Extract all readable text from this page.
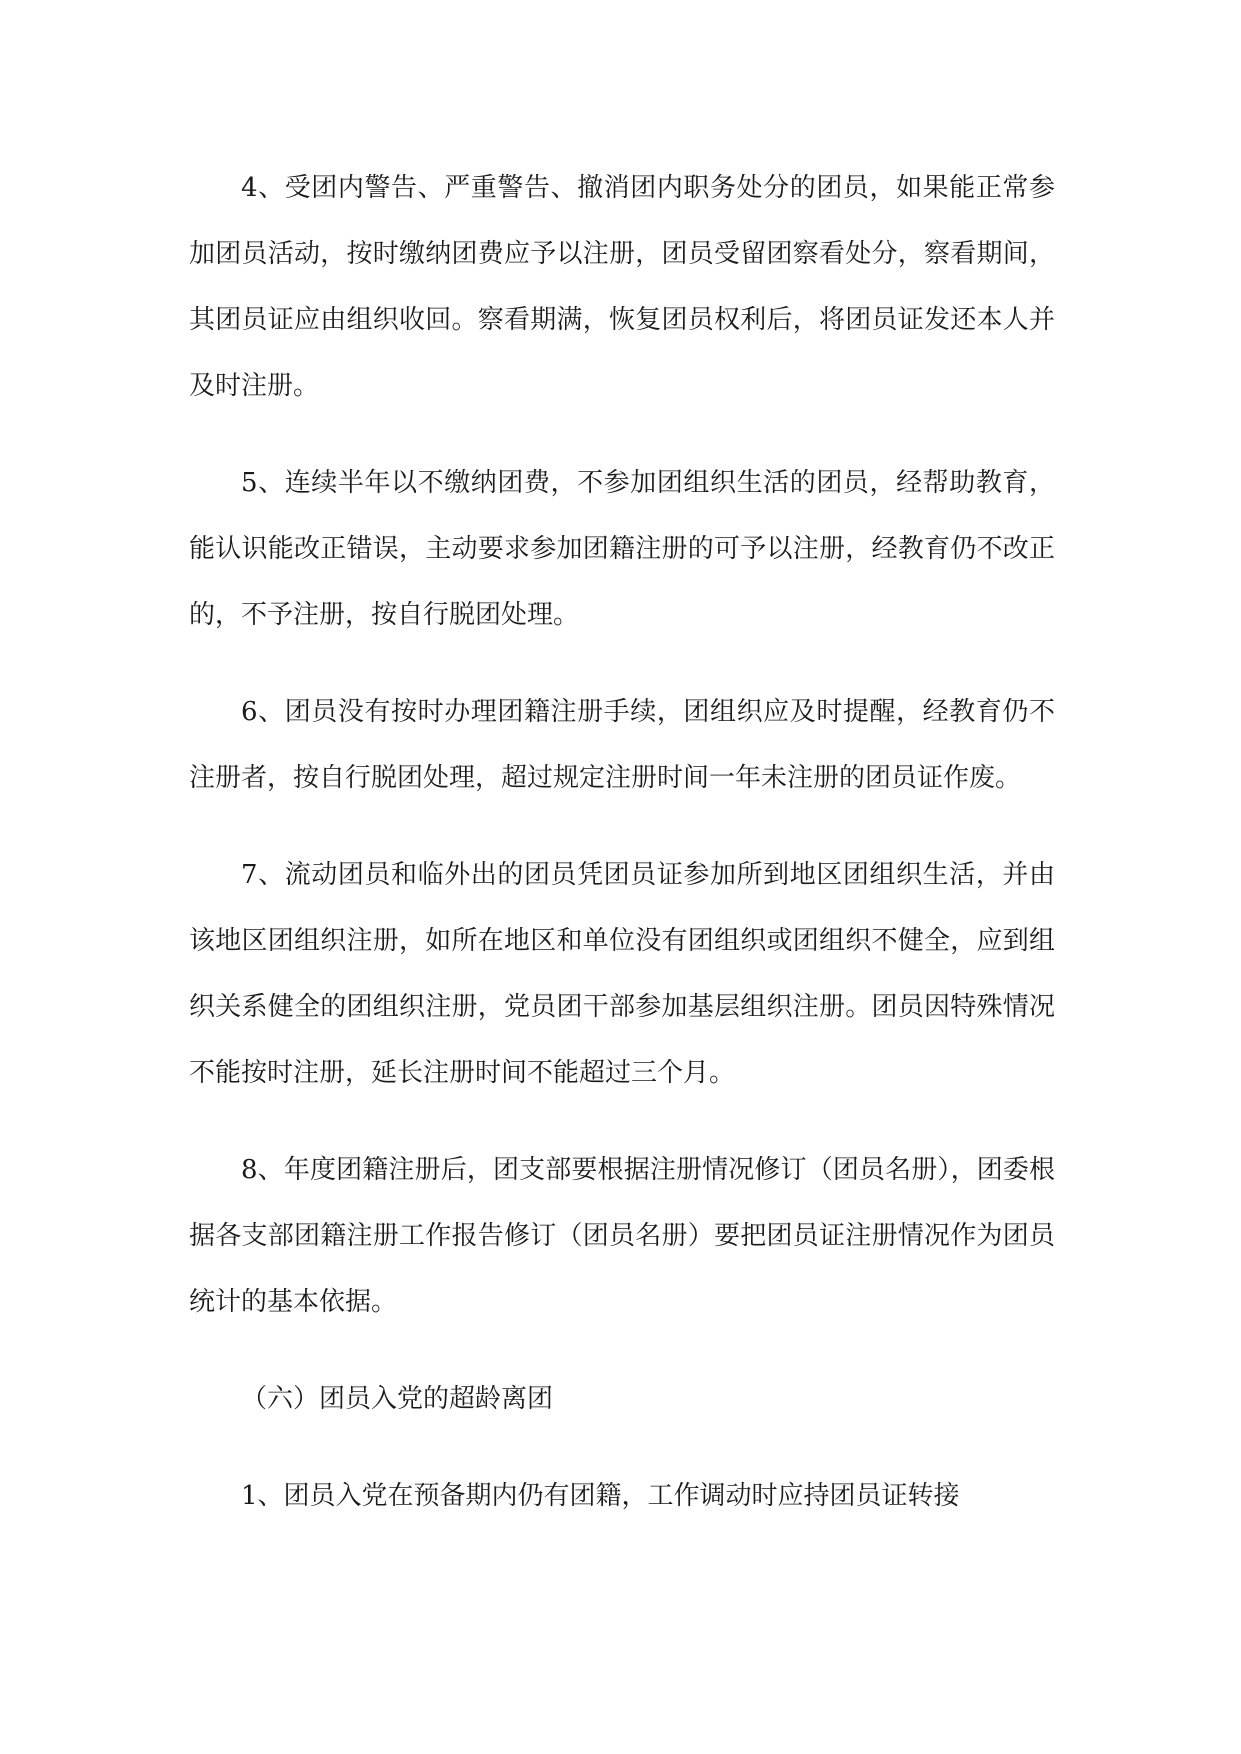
4、受团内警告、严重警告、撤消团内职务处分的团员，如果能正常参加团员活动，按时缴纳团费应予以注册，团员受留团察看处分，察看期间，其团员证应由组织收回。察看期满，恢复团员权利后，将团员证发还本人并及时注册。

5、连续半年以不缴纳团费，不参加团组织生活的团员，经帮助教育，能认识能改正错误，主动要求参加团籍注册的可予以注册，经教育仍不改正的，不予注册，按自行脱团处理。

6、团员没有按时办理团籍注册手续，团组织应及时提醒，经教育仍不注册者，按自行脱团处理，超过规定注册时间一年未注册的团员证作废。

7、流动团员和临外出的团员凭团员证参加所到地区团组织生活，并由该地区团组织注册，如所在地区和单位没有团组织或团组织不健全，应到组织关系健全的团组织注册，党员团干部参加基层组织注册。团员因特殊情况不能按时注册，延长注册时间不能超过三个月。

8、年度团籍注册后，团支部要根据注册情况修订（团员名册），团委根据各支部团籍注册工作报告修订（团员名册）要把团员证注册情况作为团员统计的基本依据。

（六）团员入党的超龄离团

1、团员入党在预备期内仍有团籍，工作调动时应持团员证转接
